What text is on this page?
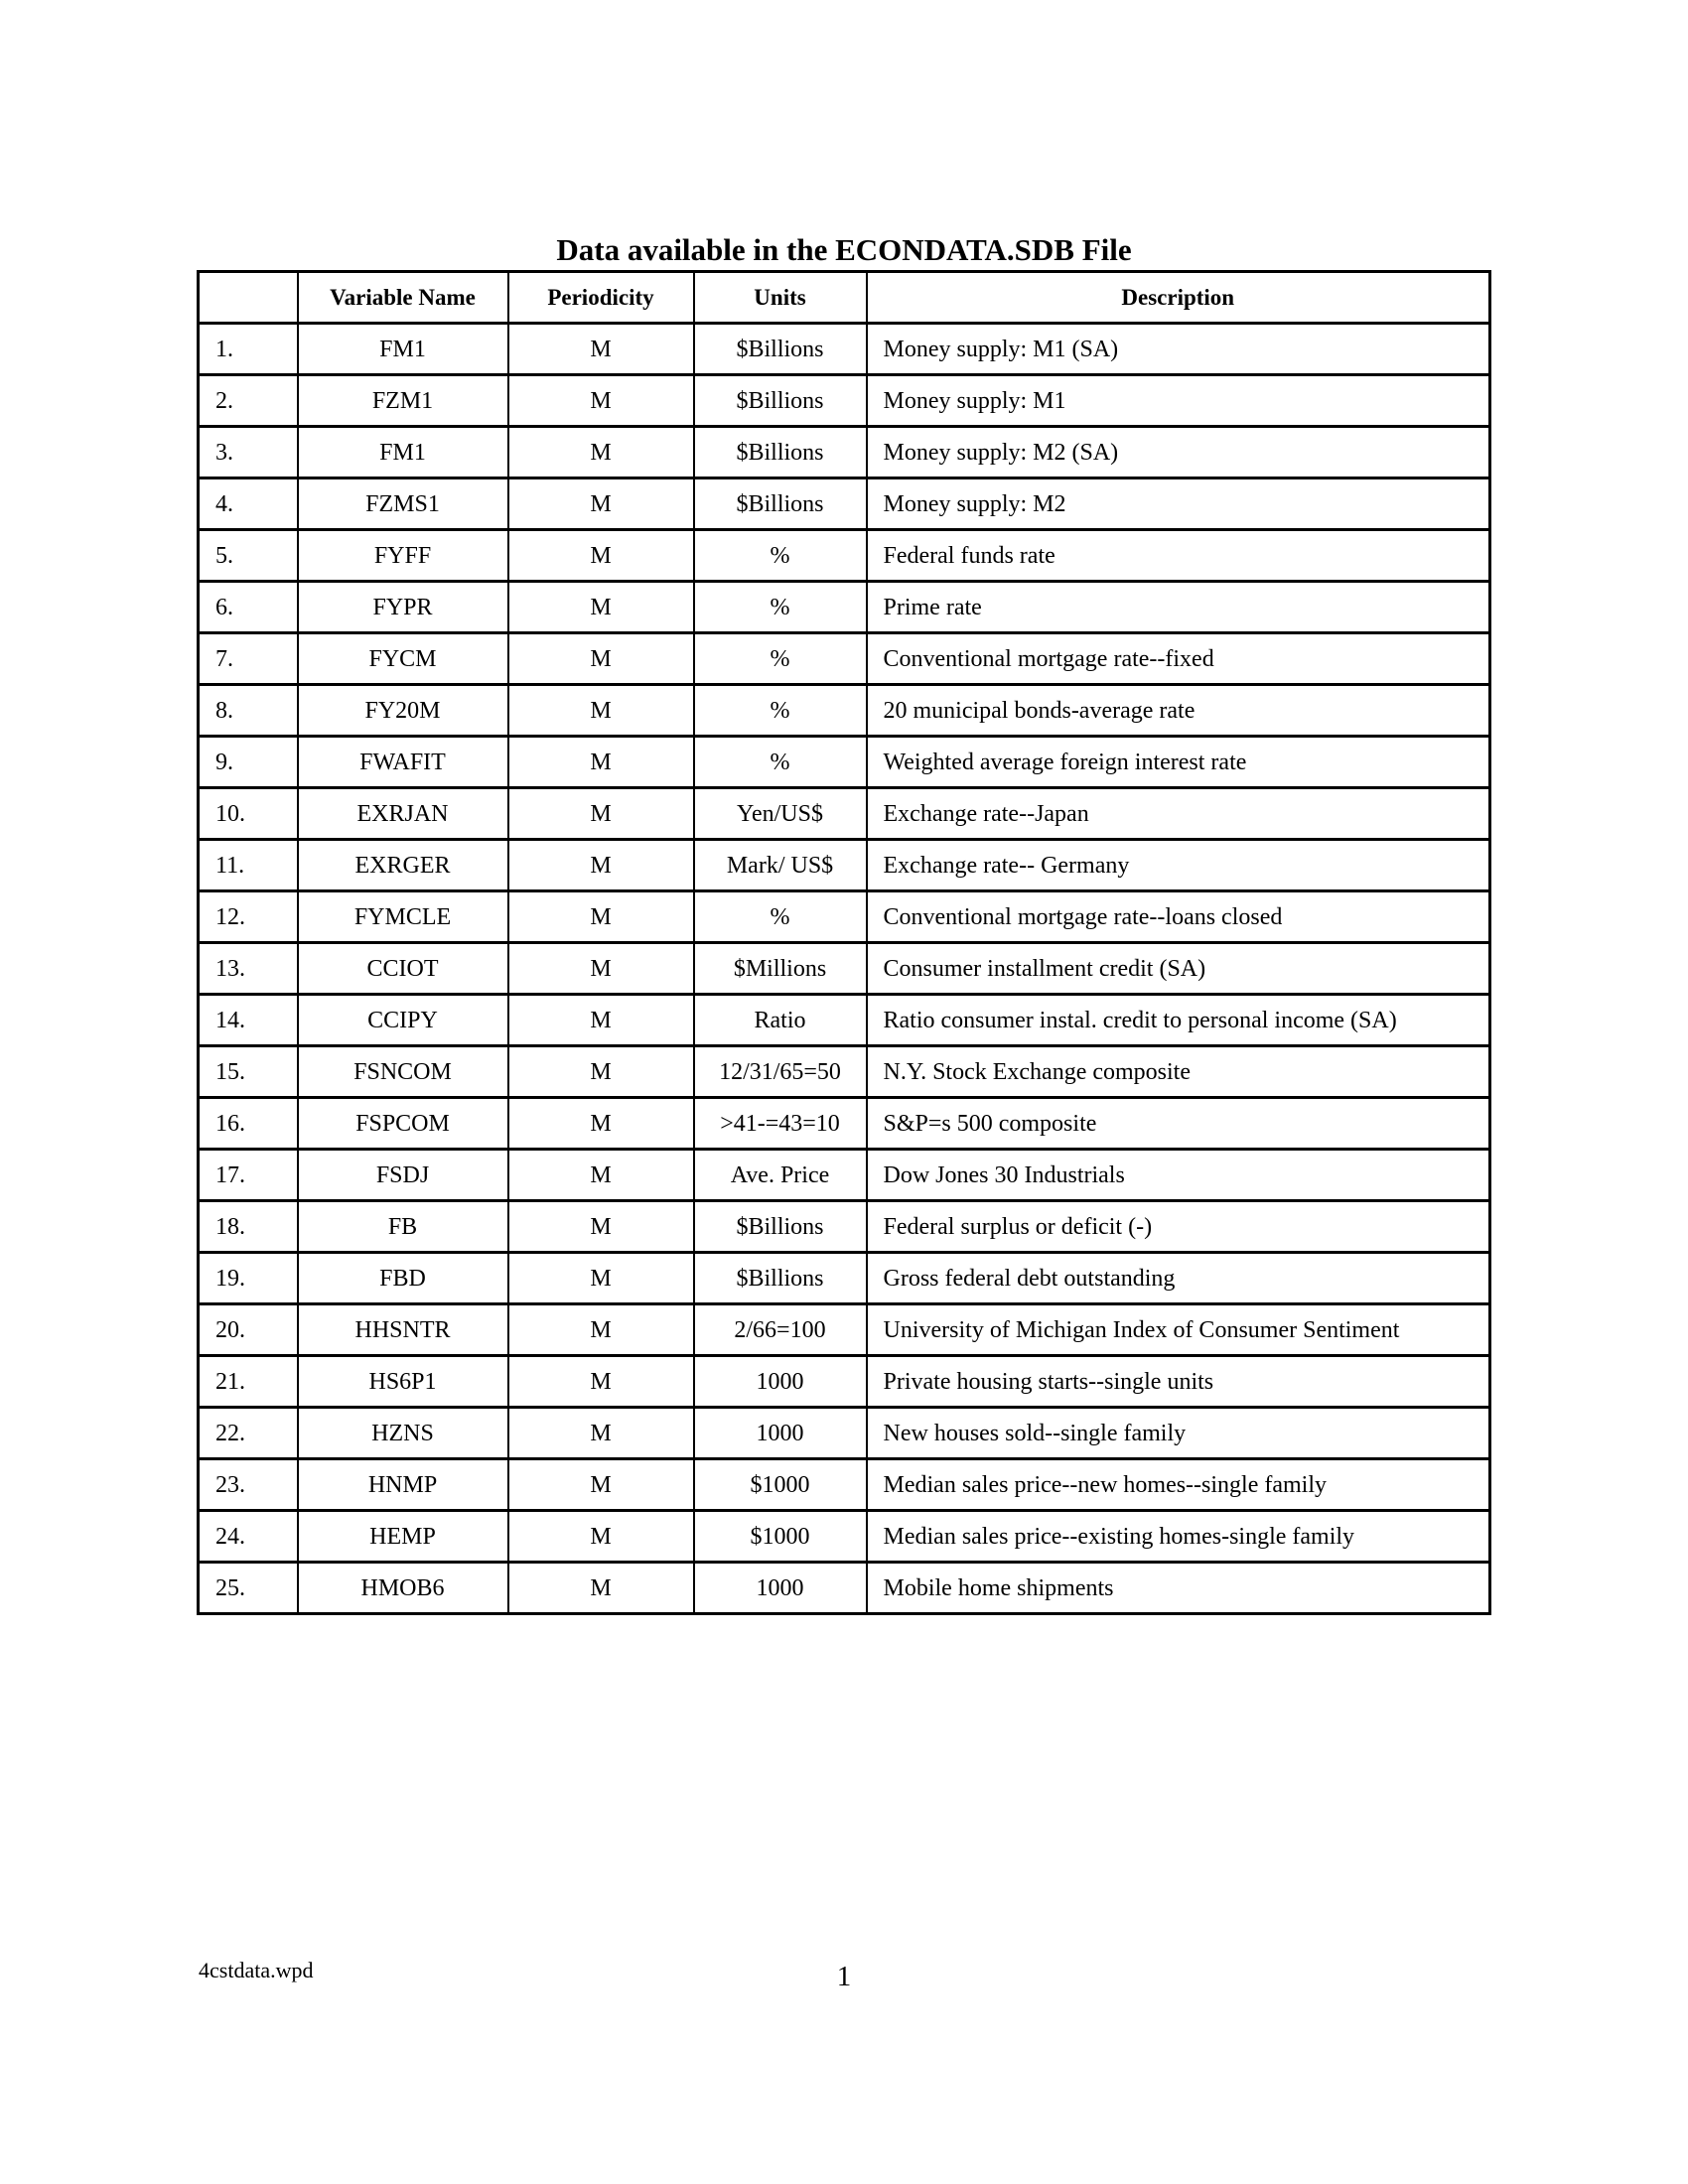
Data available in the ECONDATA.SDB File
	Variable Name	Periodicity	Units	Description
1.	FM1	M	$Billions	Money supply: M1 (SA)
2.	FZM1	M	$Billions	Money supply: M1
3.	FM1	M	$Billions	Money supply: M2 (SA)
4.	FZMS1	M	$Billions	Money supply: M2
5.	FYFF	M	%	Federal funds rate
6.	FYPR	M	%	Prime rate
7.	FYCM	M	%	Conventional mortgage rate--fixed
8.	FY20M	M	%	20 municipal bonds-average rate
9.	FWAFIT	M	%	Weighted average foreign interest rate
10.	EXRJAN	M	Yen/US$	Exchange rate--Japan
11.	EXRGER	M	Mark/ US$	Exchange rate-- Germany
12.	FYMCLE	M	%	Conventional mortgage rate--loans closed
13.	CCIOT	M	$Millions	Consumer installment credit (SA)
14.	CCIPY	M	Ratio	Ratio consumer instal. credit to personal income (SA)
15.	FSNCOM	M	12/31/65=50	N.Y. Stock Exchange composite
16.	FSPCOM	M	>41-=43=10	S&P=s 500 composite
17.	FSDJ	M	Ave. Price	Dow Jones 30 Industrials
18.	FB	M	$Billions	Federal surplus or deficit (-)
19.	FBD	M	$Billions	Gross federal debt outstanding
20.	HHSNTR	M	2/66=100	University of Michigan Index of Consumer Sentiment
21.	HS6P1	M	1000	Private housing starts--single units
22.	HZNS	M	1000	New houses sold--single family
23.	HNMP	M	$1000	Median sales price--new homes--single family
24.	HEMP	M	$1000	Median sales price--existing homes-single family
25.	HMOB6	M	1000	Mobile home shipments
4cstdata.wpd	1
